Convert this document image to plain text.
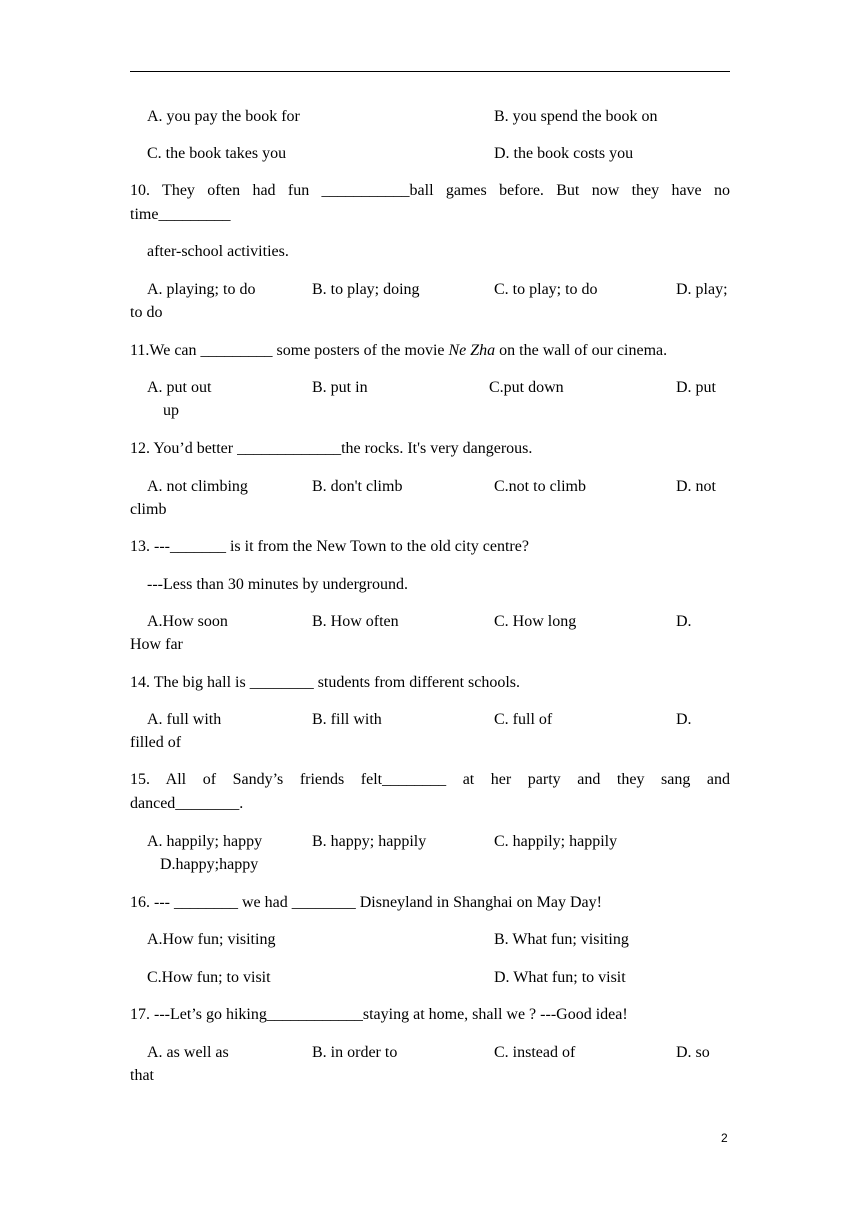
A. you pay the book for	B. you spend the book on
C. the book takes you	D. the book costs you
10. They often had fun ___________ball games before. But now they have no
time_________
after-school activities.
A. playing; to do	B. to play; doing	C. to play; to do	D. play;
to do
11.We can _________ some posters of the movie Ne Zha on the wall of our cinema.
A. put out	B. put in	C.put down	D. put
up
12. You’d better _____________the rocks. It's very dangerous.
A. not climbing	B. don't climb	C.not to climb	D. not
climb
13. ---_______ is it from the New Town to the old city centre?
---Less than 30 minutes by underground.
A.How soon	B. How often	C. How long	D.
How far
14. The big hall is ________ students from different schools.
A. full with	B. fill with	C. full of	D.
filled of
15. All of Sandy’s friends felt________ at her party and they sang and
danced________.
A. happily; happy	B. happy; happily	C. happily; happily
D.happy;happy
16. --- ________ we had ________ Disneyland in Shanghai on May Day!
A.How fun; visiting	B. What fun; visiting
C.How fun; to visit	D. What fun; to visit
17. ---Let’s go hiking____________staying at home, shall we ? ---Good idea!
A. as well as	B. in order to	C. instead of	D. so
that
2
